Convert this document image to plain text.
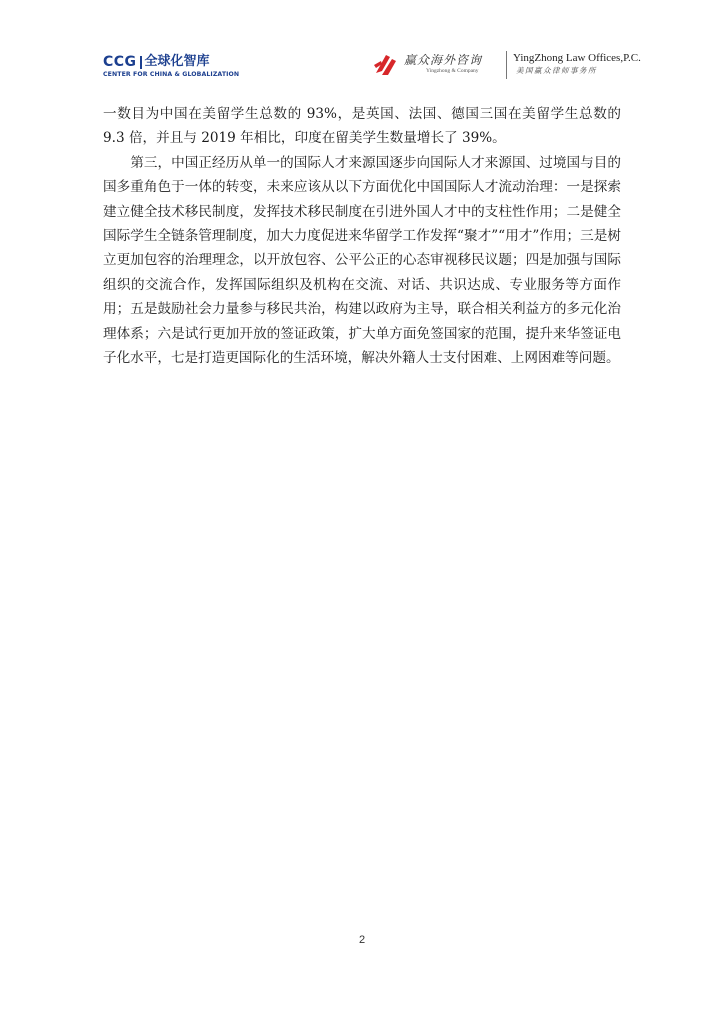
CCG 全球化智库
CENTER FOR CHINA & GLOBALIZATION
赢众海外咨询
Yingzhong & Company
YingZhong Law Offices,P.C.
美国赢众律师事务所

一数目为中国在美留学生总数的 93%，是英国、法国、德国三国在美留学生总数的 9.3 倍，并且与 2019 年相比，印度在留美学生数量增长了 39%。

第三，中国正经历从单一的国际人才来源国逐步向国际人才来源国、过境国与目的国多重角色于一体的转变，未来应该从以下方面优化中国国际人才流动治理：一是探索建立健全技术移民制度，发挥技术移民制度在引进外国人才中的支柱性作用；二是健全国际学生全链条管理制度，加大力度促进来华留学工作发挥“聚才”“用才”作用；三是树立更加包容的治理理念，以开放包容、公平公正的心态审视移民议题；四是加强与国际组织的交流合作，发挥国际组织及机构在交流、对话、共识达成、专业服务等方面作用；五是鼓励社会力量参与移民共治，构建以政府为主导，联合相关利益方的多元化治理体系；六是试行更加开放的签证政策，扩大单方面免签国家的范围，提升来华签证电子化水平，七是打造更国际化的生活环境，解决外籍人士支付困难、上网困难等问题。

2
